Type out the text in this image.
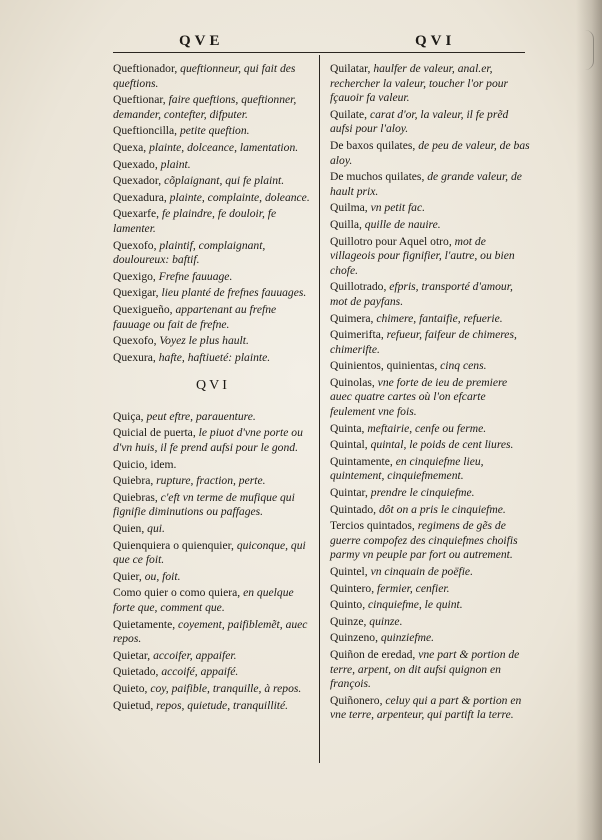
QVE	QVI
Queftionador, queftionneur, qui fait des queftions.
Queftionar, faire queftions, queftionner, demander, contefter, difputer.
Queftioncilla, petite queftion.
Quexa, plainte, dolceance, lamentation.
Quexado, plaint.
Quexador, cõplaignant, qui fe plaint.
Quexadura, plainte, complainte, doleance.
Quexarfe, fe plaindre, fe douloir, fe lamenter.
Quexofo, plaintif, complaignant, douloureux: baftif.
Quexigo, Frefne fauuage.
Quexigar, lieu planté de frefnes fauuages.
Quexigueño, appartenant au frefne fauuage ou fait de frefne.
Quexofo, Voyez le plus hault.
Quexura, hafte, haftiueté: plainte.
QVI
Quiça, peut eftre, parauenture.
Quicial de puerta, le piuot d'vne porte ou d'vn huis, il fe prend aufsi pour le gond.
Quicio, idem.
Quiebra, rupture, fraction, perte.
Quiebras, c'eft vn terme de mufique qui fignifie diminutions ou paffages.
Quien, qui.
Quienquiera o quienquier, quiconque, qui que ce foit.
Quier, ou, foit.
Como quier o como quiera, en quelque forte que, comment que.
Quietamente, coyement, paifiblemẽt, auec repos.
Quietar, accoifer, appaifer.
Quietado, accoifé, appaifé.
Quieto, coy, paifible, tranquille, à repos.
Quietud, repos, quietude, tranquillité.
Quilatar, haulfer de valeur, anal.er, rechercher la valeur, toucher l'or pour fçauoir fa valeur.
Quilate, carat d'or, la valeur, il fe prẽd aufsi pour l'aloy.
De baxos quilates, de peu de valeur, de bas aloy.
De muchos quilates, de grande valeur, de hault prix.
Quilma, vn petit fac.
Quilla, quille de nauire.
Quillotro pour Aquel otro, mot de villageois pour fignifier, l'autre, ou bien chofe.
Quillotrado, efpris, transporté d'amour, mot de payfans.
Quimera, chimere, fantaifie, refuerie.
Quimerifta, refueur, faifeur de chimeres, chimerifte.
Quinientos, quinientas, cinq cens.
Quinolas, vne forte de ieu de premiere auec quatre cartes où l'on efcarte feulement vne fois.
Quinta, meftairie, cenfe ou ferme.
Quintal, quintal, le poids de cent liures.
Quintamente, en cinquiefme lieu, quintement, cinquiefmement.
Quintar, prendre le cinquiefme.
Quintado, dôt on a pris le cinquiefme.
Tercios quintados, regimens de gẽs de guerre compofez des cinquiefmes choifis parmy vn peuple par fort ou autrement.
Quintel, vn cinquain de poëfie.
Quintero, fermier, cenfier.
Quinto, cinquiefme, le quint.
Quinze, quinze.
Quinzeno, quinziefme.
Quiñon de eredad, vne part & portion de terre, arpent, on dit aufsi quignon en françois.
Quiñonero, celuy qui a part & portion en vne terre, arpenteur, qui partift la terre.
